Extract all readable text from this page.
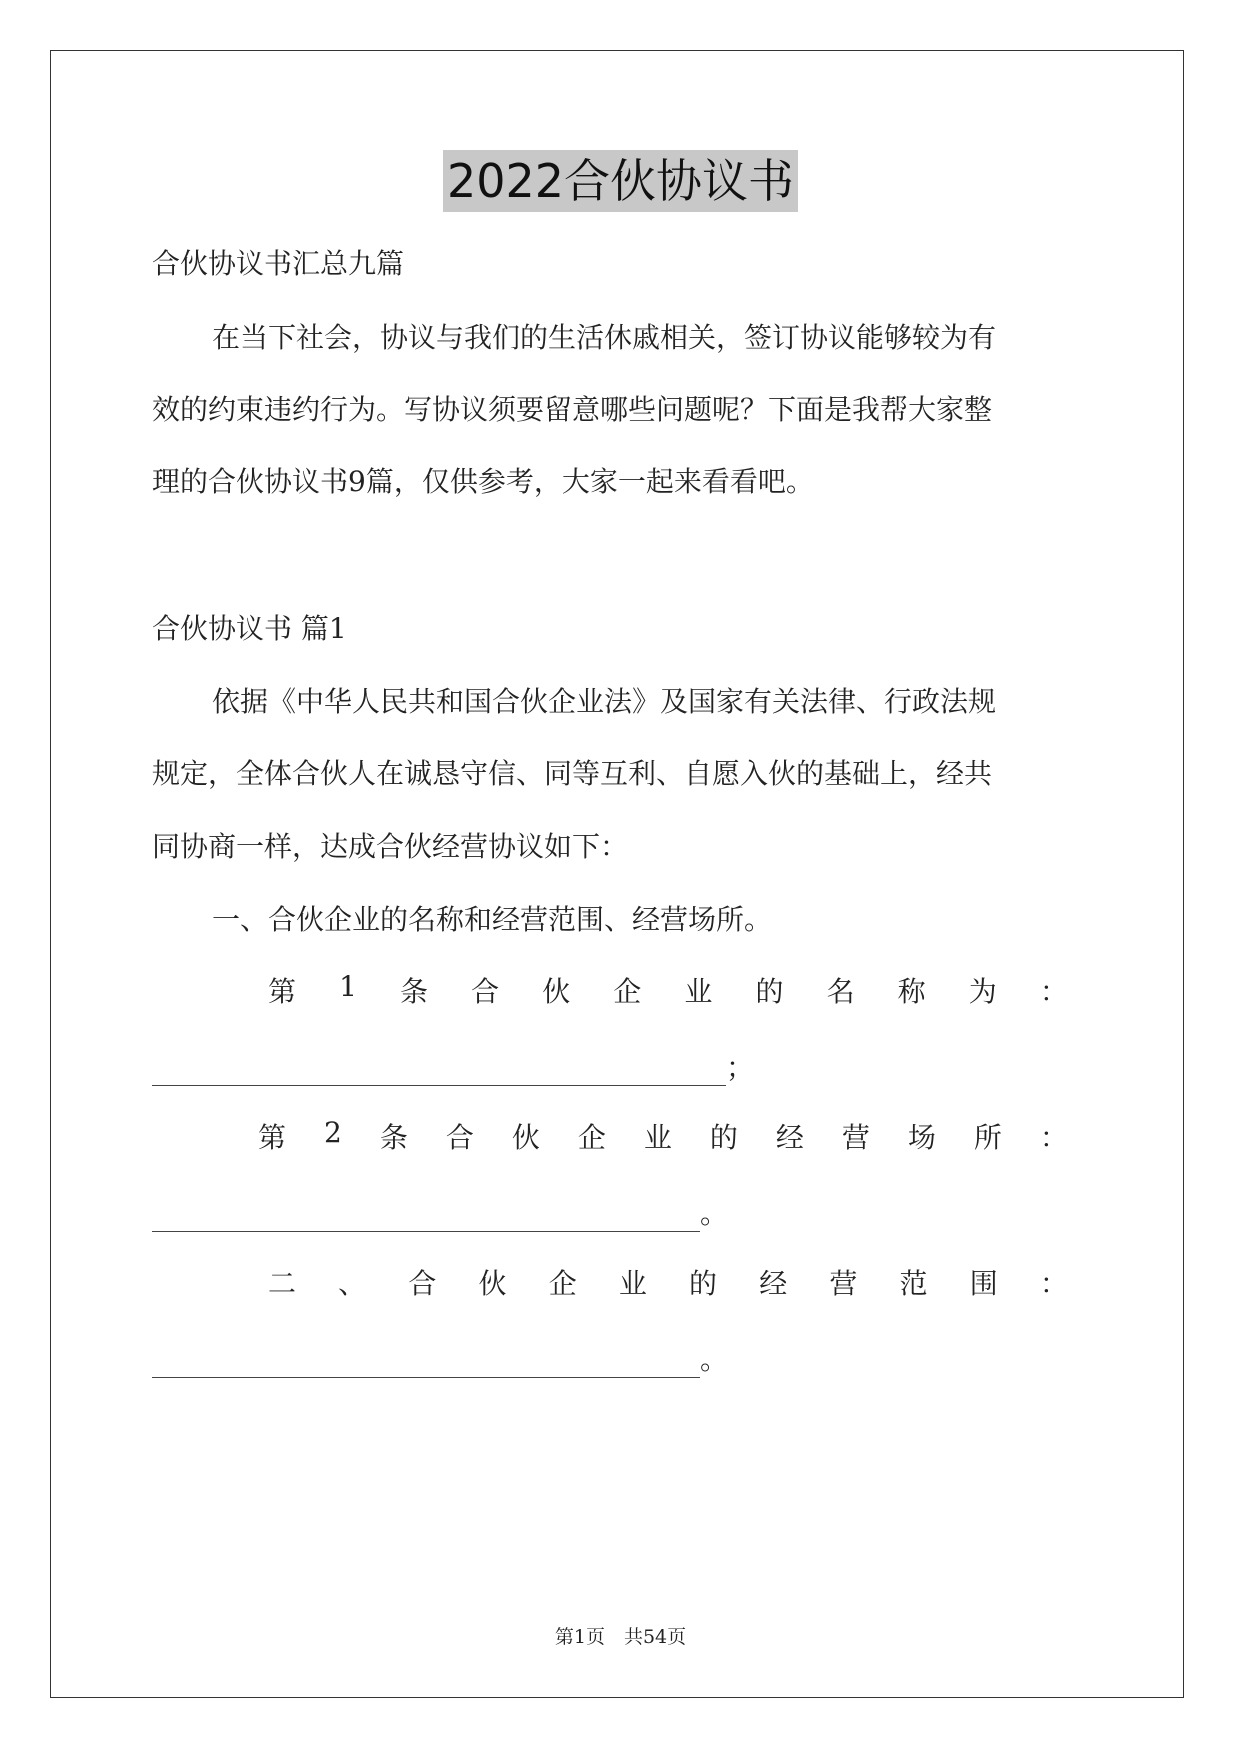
2022合伙协议书
合伙协议书汇总九篇
在当下社会，协议与我们的生活休戚相关，签订协议能够较为有
效的约束违约行为。写协议须要留意哪些问题呢？下面是我帮大家整
理的合伙协议书9篇，仅供参考，大家一起来看看吧。
合伙协议书 篇1
依据《中华人民共和国合伙企业法》及国家有关法律、行政法规
规定，全体合伙人在诚恳守信、同等互利、自愿入伙的基础上，经共
同协商一样，达成合伙经营协议如下：
一、合伙企业的名称和经营范围、经营场所。
第 1 条 合 伙 企 业 的 名 称 为 ：
；
第 2 条 合 伙 企 业 的 经 营 场 所 ：
。
二 、 合 伙 企 业 的 经 营 范 围 ：
。
第1页　共54页
